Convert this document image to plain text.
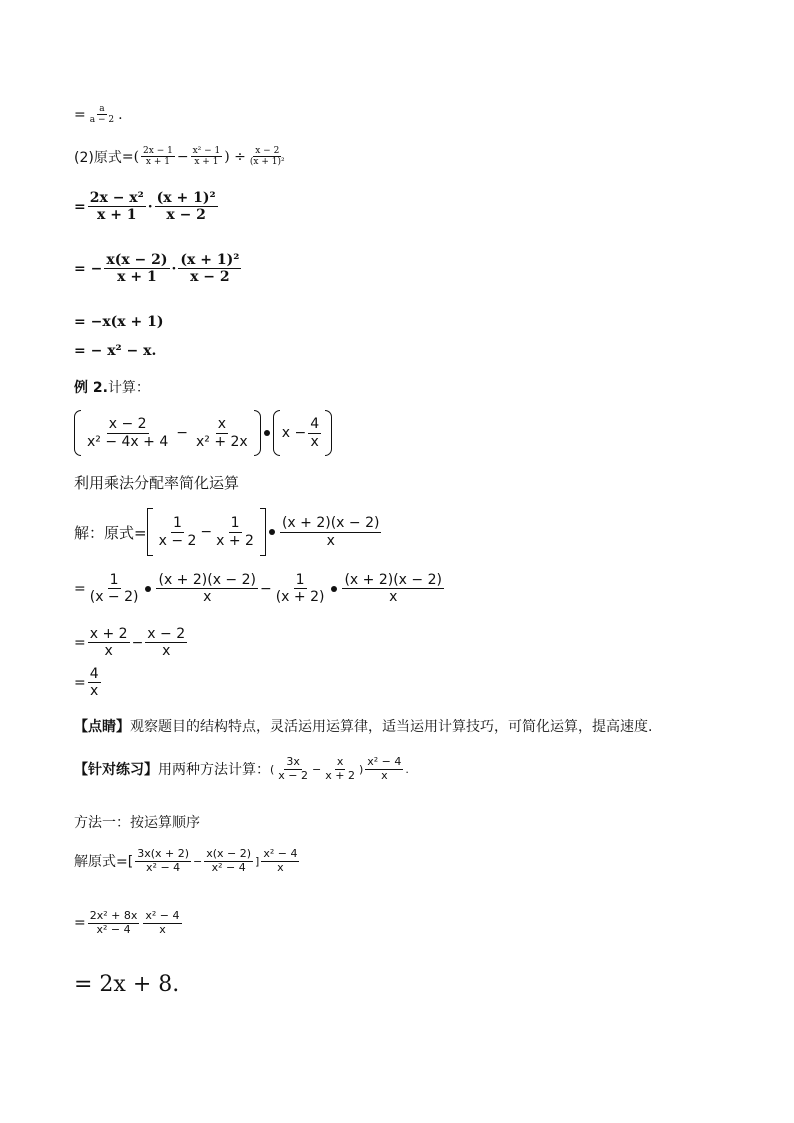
= $\frac{a}{a - 2}$ .
(2)原式 =( $\frac{2x - 1}{x + 1} - \frac{\text{x² − 1}}{x + 1}$ ) ÷ $\frac{x - 2}{\text{(x + 1)²}}$
= $\frac{\text{2x − x²}}{x + 1} \cdot \frac{\text{(x + 1)²}}{x - 2}$
= − $\frac{x(x - 2)}{x + 1} \cdot \frac{\text{(x + 1)²}}{x - 2}$
= −x(x + 1)
= − x² − x.
例 2. 计算：
$\frac{x - 2}{\text{x² − 4x + 4}} - \frac{x}{\text{x² + 2x}}$ $x - \frac{4}{x}$
利用乘法分配率简化运算
解：原式= $\frac{1}{x - 2} - \frac{1}{x + 2} \frac{(x + 2)(x - 2)}{x}$
= $\frac{1}{(x - 2)} \frac{(x + 2)(x - 2)}{x} - \frac{1}{(x + 2)} \frac{(x + 2)(x - 2)}{x}$
= $\frac{x + 2}{x} - \frac{x - 2}{x}$
= $\frac{4}{x}$
【点睛】 观察题目的结构特点，灵活运用运算律，适当运用计算技巧，可简化运算，提高速度.
【针对练习】 用两种方法计算： ( $\frac{3x}{x - 2} - \frac{x}{x + 2}$ ) $\frac{\text{x² − 4}}{x}$ .
方法一：按运算顺序
解原式=[ $\frac{3x(x + 2)}{\text{x² − 4}} - \frac{x(x - 2)}{\text{x² − 4}}$ ] $\frac{\text{x² − 4}}{x}$
= $\frac{\text{2x² + 8x}}{\text{x² − 4}} \frac{\text{x² − 4}}{x}$
= 2x + 8.
